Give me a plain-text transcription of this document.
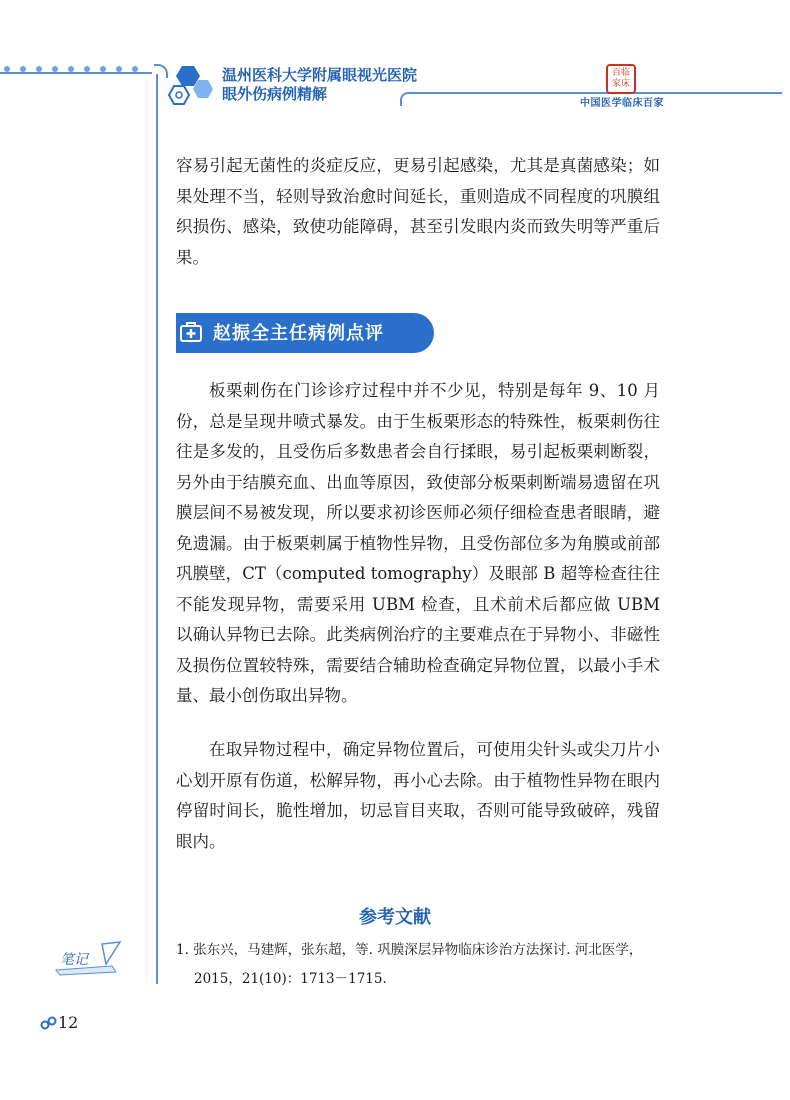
温州医科大学附属眼视光医院
眼外伤病例精解
百临家床
中国医学临床百家

容易引起无菌性的炎症反应，更易引起感染，尤其是真菌感染；如果处理不当，轻则导致治愈时间延长，重则造成不同程度的巩膜组织损伤、感染，致使功能障碍，甚至引发眼内炎而致失明等严重后果。

赵振全主任病例点评

板栗刺伤在门诊诊疗过程中并不少见，特别是每年 9、10 月份，总是呈现井喷式暴发。由于生板栗形态的特殊性，板栗刺伤往往是多发的，且受伤后多数患者会自行揉眼，易引起板栗刺断裂，另外由于结膜充血、出血等原因，致使部分板栗刺断端易遗留在巩膜层间不易被发现，所以要求初诊医师必须仔细检查患者眼睛，避免遗漏。由于板栗刺属于植物性异物，且受伤部位多为角膜或前部巩膜壁，CT（computed tomography）及眼部 B 超等检查往往不能发现异物，需要采用 UBM 检查，且术前术后都应做 UBM 以确认异物已去除。此类病例治疗的主要难点在于异物小、非磁性及损伤位置较特殊，需要结合辅助检查确定异物位置，以最小手术量、最小创伤取出异物。

在取异物过程中，确定异物位置后，可使用尖针头或尖刀片小心划开原有伤道，松解异物，再小心去除。由于植物性异物在眼内停留时间长，脆性增加，切忌盲目夹取，否则可能导致破碎，残留眼内。

参考文献
1. 张东兴，马建辉，张东超，等. 巩膜深层异物临床诊治方法探讨. 河北医学，
2015，21(10)：1713－1715.
笔记
12
